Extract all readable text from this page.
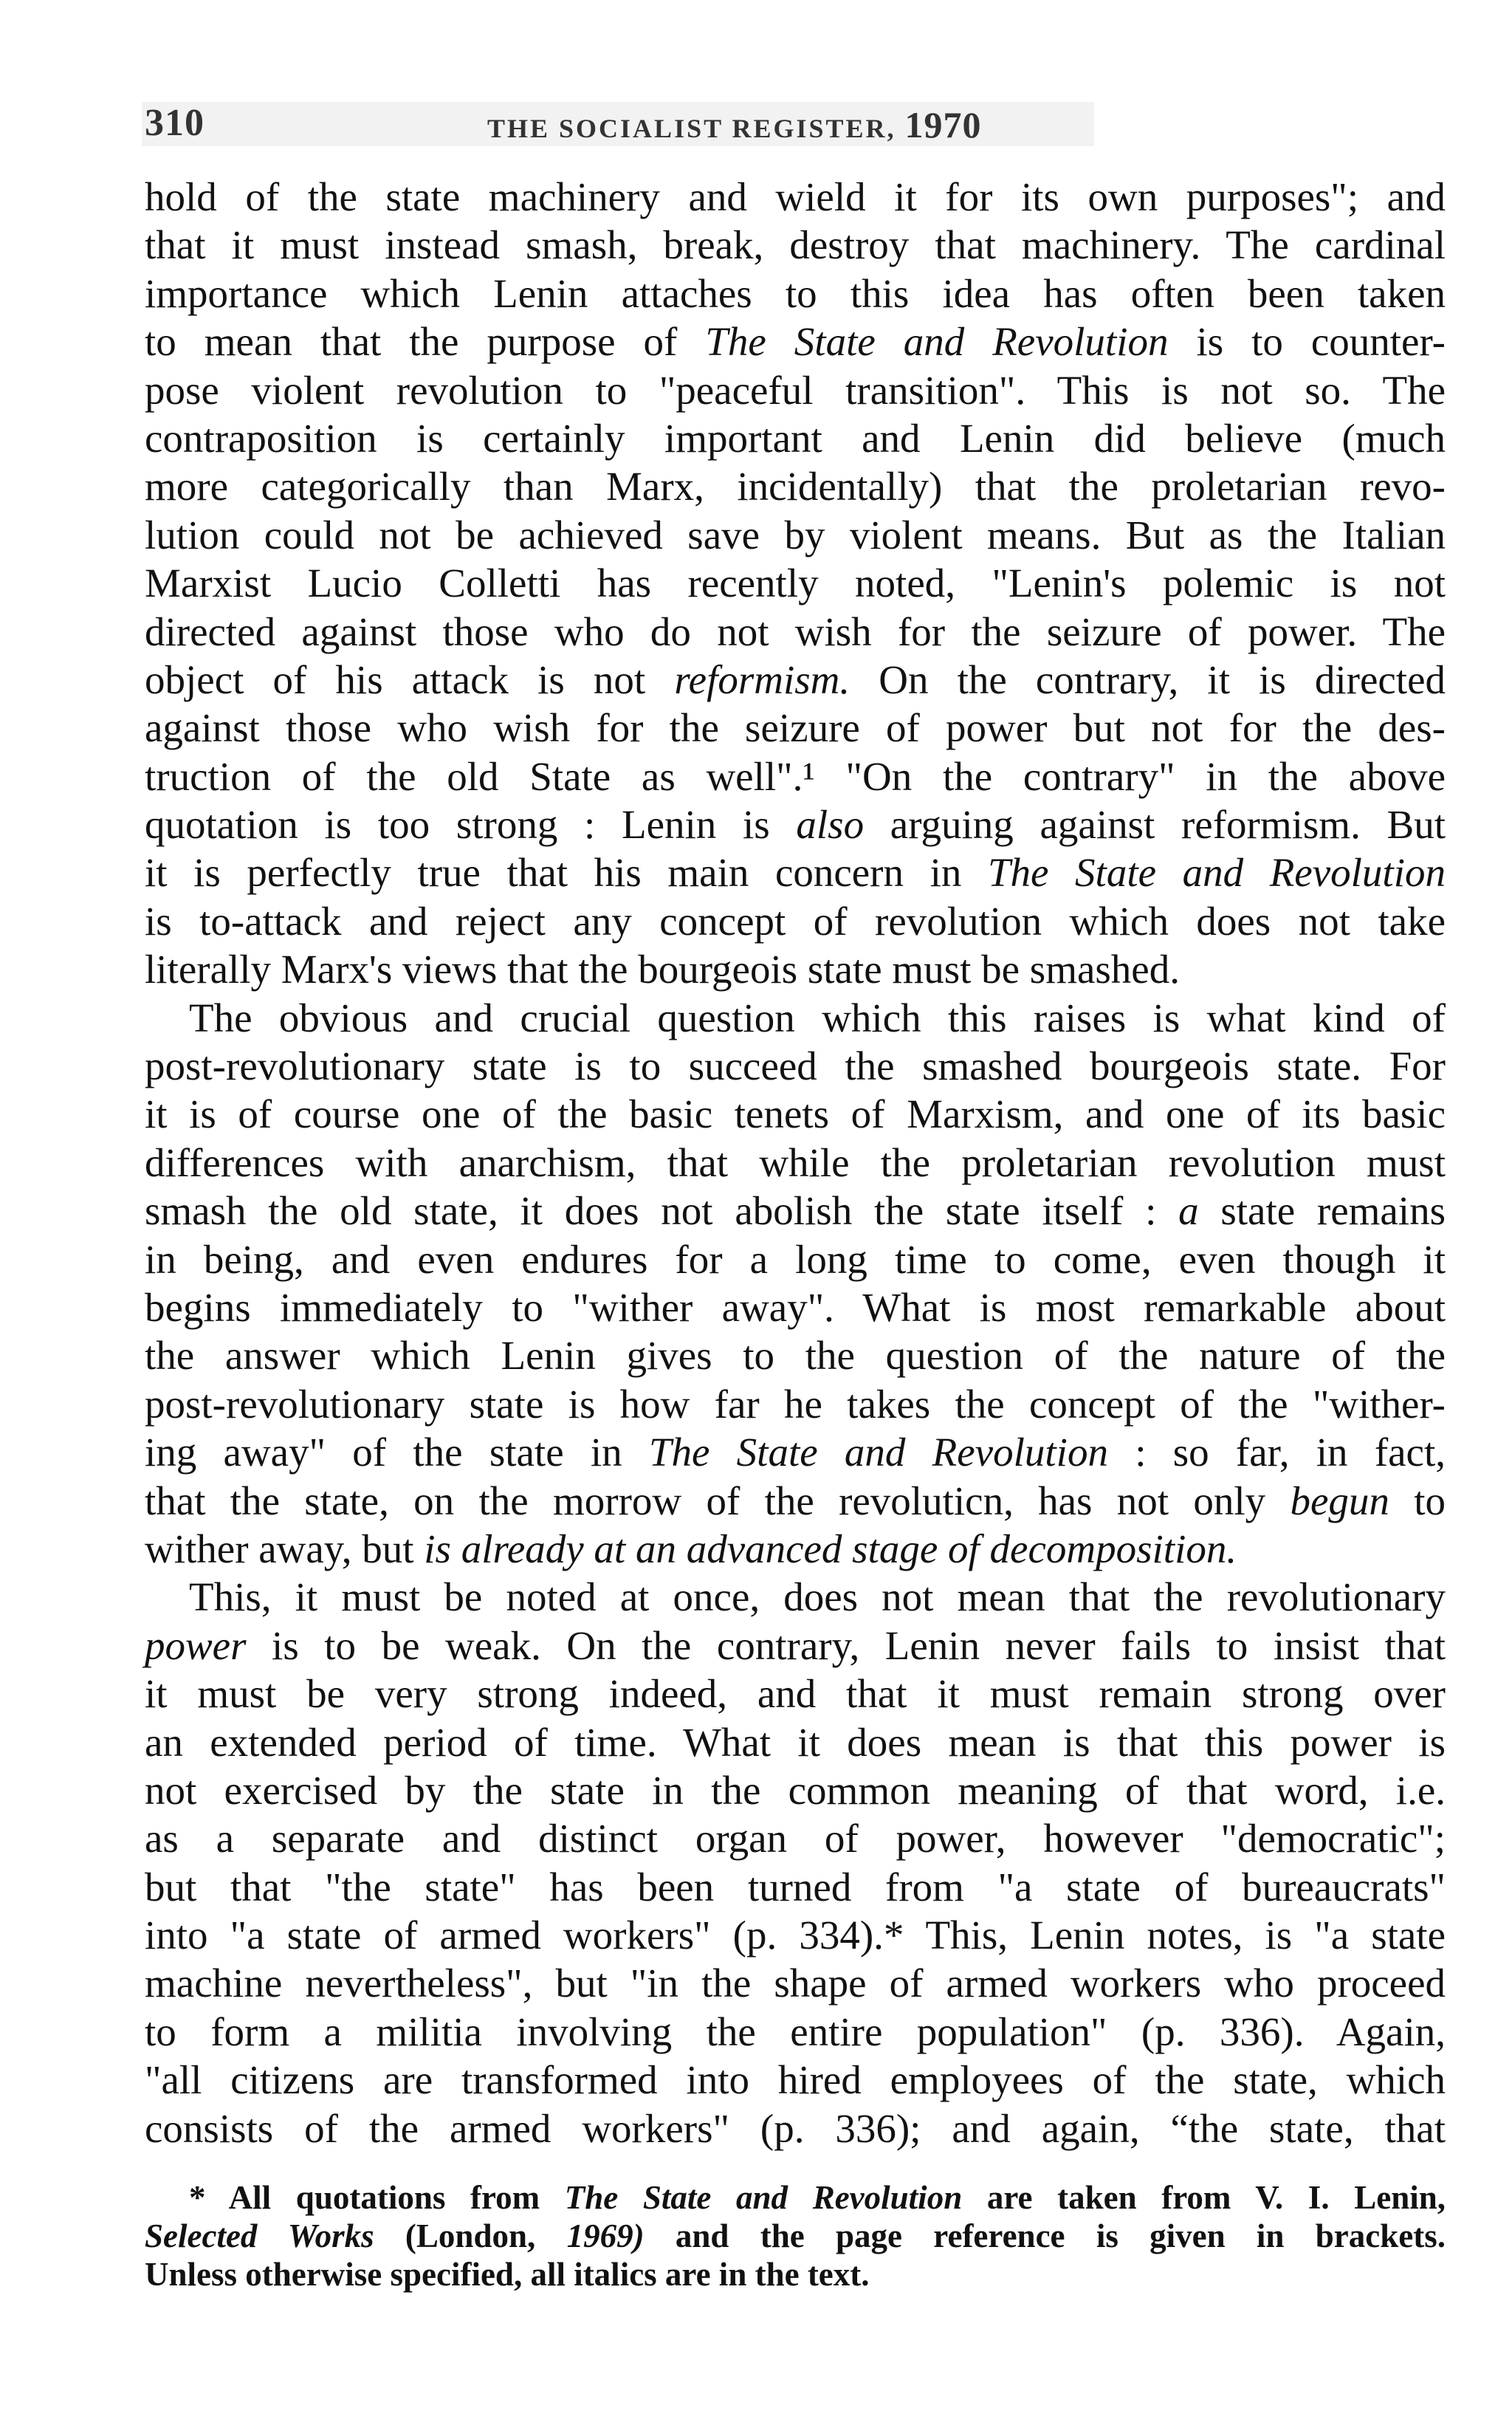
310	THE SOCIALIST REGISTER, 1970
hold of the state machinery and wield it for its own purposes"; and
that it must instead smash, break, destroy that machinery. The cardinal
importance which Lenin attaches to this idea has often been taken
to mean that the purpose of The State and Revolution is to counter-
pose violent revolution to "peaceful transition". This is not so. The
contraposition is certainly important and Lenin did believe (much
more categorically than Marx, incidentally) that the proletarian revo-
lution could not be achieved save by violent means. But as the Italian
Marxist Lucio Colletti has recently noted, "Lenin's polemic is not
directed against those who do not wish for the seizure of power. The
object of his attack is not reformism. On the contrary, it is directed
against those who wish for the seizure of power but not for the des-
truction of the old State as well".¹ "On the contrary" in the above
quotation is too strong : Lenin is also arguing against reformism. But
it is perfectly true that his main concern in The State and Revolution
is to-attack and reject any concept of revolution which does not take
literally Marx's views that the bourgeois state must be smashed.
The obvious and crucial question which this raises is what kind of
post-revolutionary state is to succeed the smashed bourgeois state. For
it is of course one of the basic tenets of Marxism, and one of its basic
differences with anarchism, that while the proletarian revolution must
smash the old state, it does not abolish the state itself : a state remains
in being, and even endures for a long time to come, even though it
begins immediately to "wither away". What is most remarkable about
the answer which Lenin gives to the question of the nature of the
post-revolutionary state is how far he takes the concept of the "wither-
ing away" of the state in The State and Revolution : so far, in fact,
that the state, on the morrow of the revoluticn, has not only begun to
wither away, but is already at an advanced stage of decomposition.
This, it must be noted at once, does not mean that the revolutionary
power is to be weak. On the contrary, Lenin never fails to insist that
it must be very strong indeed, and that it must remain strong over
an extended period of time. What it does mean is that this power is
not exercised by the state in the common meaning of that word, i.e.
as a separate and distinct organ of power, however "democratic";
but that "the state" has been turned from "a state of bureaucrats"
into "a state of armed workers" (p. 334).* This, Lenin notes, is "a state
machine nevertheless", but "in the shape of armed workers who proceed
to form a militia involving the entire population" (p. 336). Again,
"all citizens are transformed into hired employees of the state, which
consists of the armed workers" (p. 336); and again, “the state, that
* All quotations from The State and Revolution are taken from V. I. Lenin,
Selected Works (London, 1969) and the page reference is given in brackets.
Unless otherwise specified, all italics are in the text.
